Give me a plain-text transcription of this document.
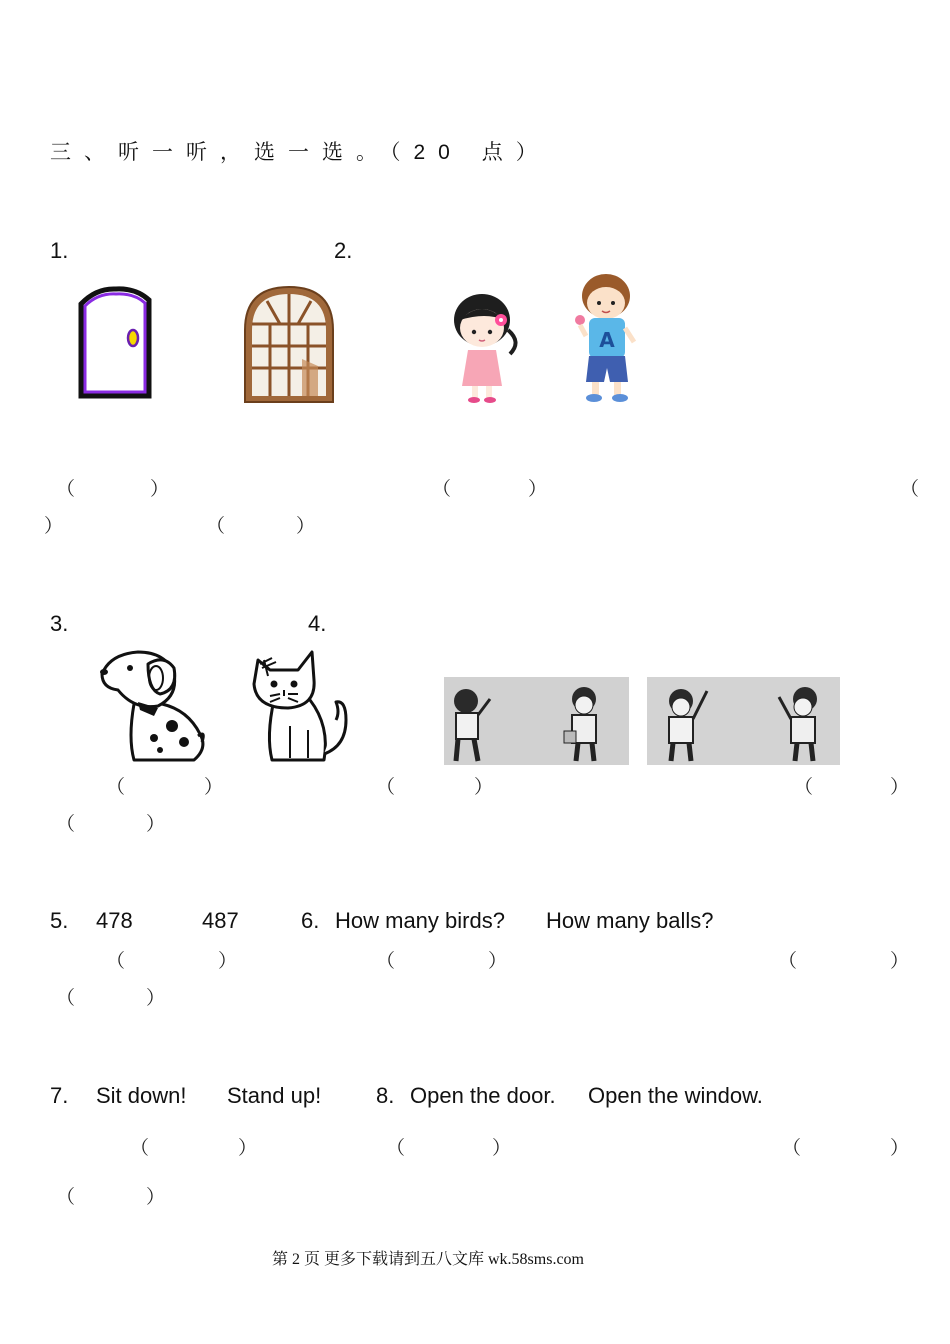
三、听一听，选一选。（20 点）
1.	2.
A
（	）	（	）	（
）	（	）
3.	4.
（	）	（	）	（	）
（	）
5. 478	487	6. How many birds? How many balls?
（	）	（	）	（	）
（	）
7. Sit down! Stand up! 8. Open the door. Open the window.
（	）	（	）	（	）
（	）
第 2 页 更多下载请到五八文库 wk.58sms.com
